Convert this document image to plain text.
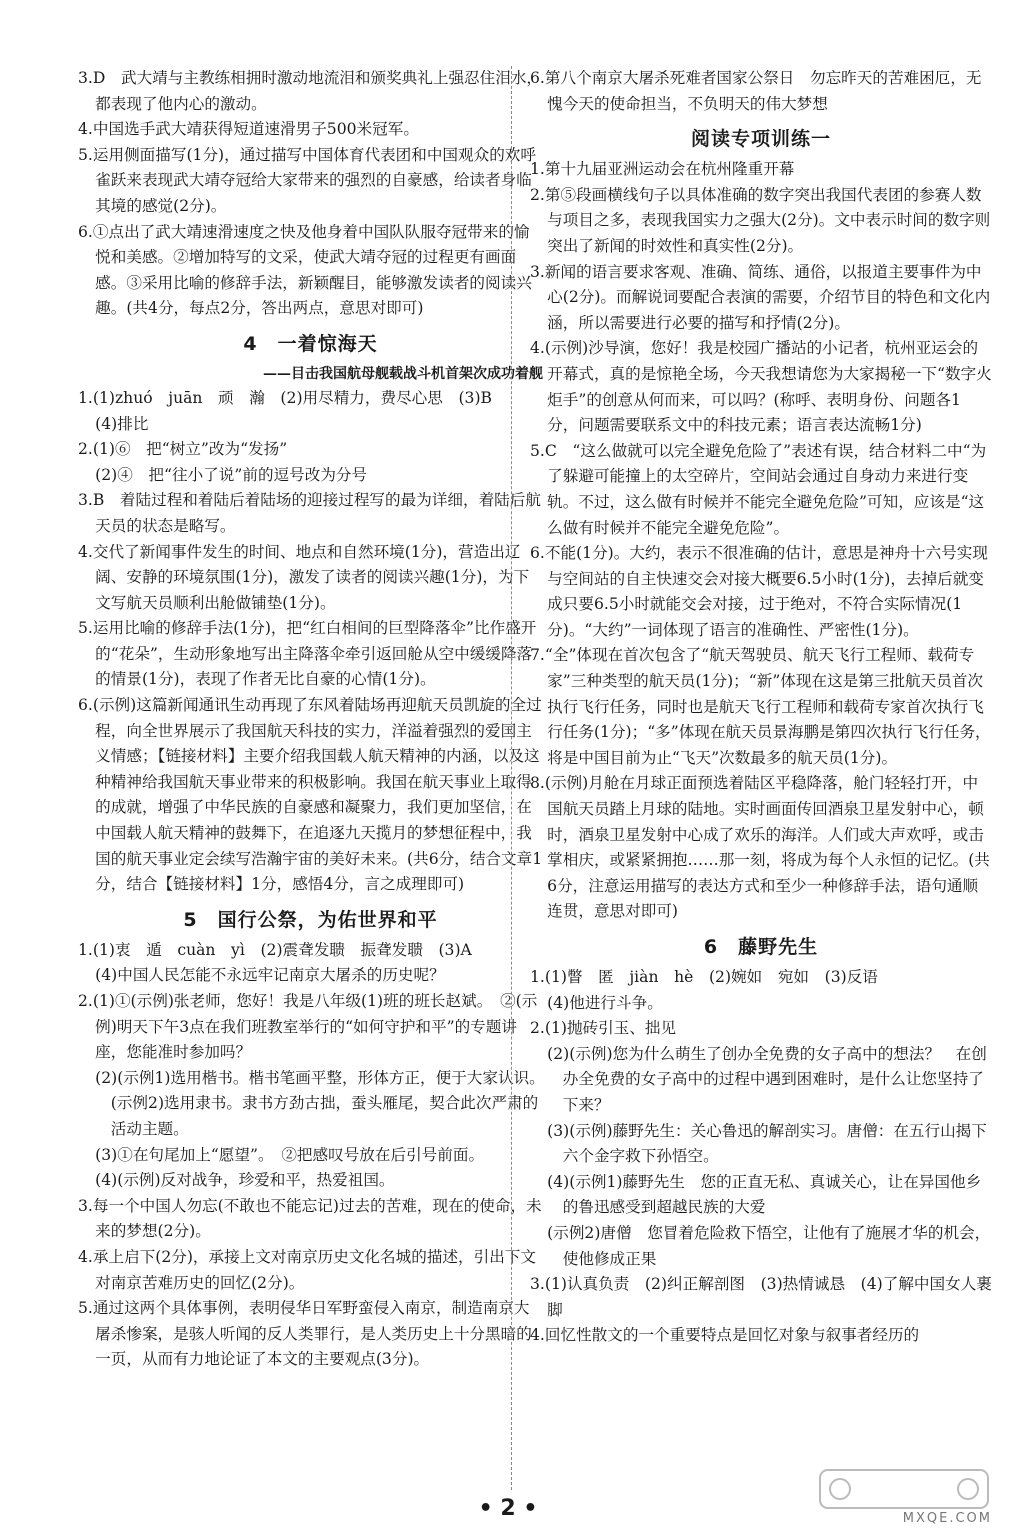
3.D　武大靖与主教练相拥时激动地流泪和颁奖典礼上强忍住泪水，都表现了他内心的激动。

4.中国选手武大靖获得短道速滑男子500米冠军。

5.运用侧面描写(1分)，通过描写中国体育代表团和中国观众的欢呼雀跃来表现武大靖夺冠给大家带来的强烈的自豪感，给读者身临其境的感觉(2分)。

6.①点出了武大靖速滑速度之快及他身着中国队队服夺冠带来的愉悦和美感。②增加特写的文采，使武大靖夺冠的过程更有画面感。③采用比喻的修辞手法，新颖醒目，能够激发读者的阅读兴趣。(共4分，每点2分，答出两点，意思对即可)

4　一着惊海天

——目击我国航母舰载战斗机首架次成功着舰

1.(1)zhuó　juān　顽　瀚　(2)用尽精力，费尽心思　(3)B

(4)排比

2.(1)⑥　把“树立”改为“发扬”

(2)④　把“往小了说”前的逗号改为分号

3.B　着陆过程和着陆后着陆场的迎接过程写的最为详细，着陆后航天员的状态是略写。

4.交代了新闻事件发生的时间、地点和自然环境(1分)，营造出辽阔、安静的环境氛围(1分)，激发了读者的阅读兴趣(1分)，为下文写航天员顺利出舱做铺垫(1分)。

5.运用比喻的修辞手法(1分)，把“红白相间的巨型降落伞”比作盛开的“花朵”，生动形象地写出主降落伞牵引返回舱从空中缓缓降落的情景(1分)，表现了作者无比自豪的心情(1分)。

6.(示例)这篇新闻通讯生动再现了东风着陆场再迎航天员凯旋的全过程，向全世界展示了我国航天科技的实力，洋溢着强烈的爱国主义情感；【链接材料】主要介绍我国载人航天精神的内涵，以及这种精神给我国航天事业带来的积极影响。我国在航天事业上取得的成就，增强了中华民族的自豪感和凝聚力，我们更加坚信，在中国载人航天精神的鼓舞下，在追逐九天揽月的梦想征程中，我国的航天事业定会续写浩瀚宇宙的美好未来。(共6分，结合文章1分，结合【链接材料】1分，感悟4分，言之成理即可)

5　国行公祭，为佑世界和平

1.(1)衷　遁　cuàn　yì　(2)震聋发聩　振聋发聩　(3)A

(4)中国人民怎能不永远牢记南京大屠杀的历史呢？

2.(1)①(示例)张老师，您好！我是八年级(1)班的班长赵斌。　②(示例)明天下午3点在我们班教室举行的“如何守护和平”的专题讲座，您能准时参加吗？

(2)(示例1)选用楷书。楷书笔画平整，形体方正，便于大家认识。　(示例2)选用隶书。隶书方劲古拙，蚕头雁尾，契合此次严肃的活动主题。

(3)①在句尾加上“愿望”。　②把感叹号放在后引号前面。

(4)(示例)反对战争，珍爱和平，热爱祖国。

3.每一个中国人勿忘(不敢也不能忘记)过去的苦难，现在的使命，未来的梦想(2分)。

4.承上启下(2分)，承接上文对南京历史文化名城的描述，引出下文对南京苦难历史的回忆(2分)。

5.通过这两个具体事例，表明侵华日军野蛮侵入南京，制造南京大屠杀惨案，是骇人听闻的反人类罪行，是人类历史上十分黑暗的一页，从而有力地论证了本文的主要观点(3分)。

6.第八个南京大屠杀死难者国家公祭日　勿忘昨天的苦难困厄，无愧今天的使命担当，不负明天的伟大梦想

阅读专项训练一

1.第十九届亚洲运动会在杭州隆重开幕

2.第⑤段画横线句子以具体准确的数字突出我国代表团的参赛人数与项目之多，表现我国实力之强大(2分)。文中表示时间的数字则突出了新闻的时效性和真实性(2分)。

3.新闻的语言要求客观、准确、简练、通俗，以报道主要事件为中心(2分)。而解说词要配合表演的需要，介绍节目的特色和文化内涵，所以需要进行必要的描写和抒情(2分)。

4.(示例)沙导演，您好！我是校园广播站的小记者，杭州亚运会的开幕式，真的是惊艳全场，今天我想请您为大家揭秘一下“数字火炬手”的创意从何而来，可以吗？(称呼、表明身份、问题各1分，问题需要联系文中的科技元素；语言表达流畅1分)

5.C　“这么做就可以完全避免危险了”表述有误，结合材料二中“为了躲避可能撞上的太空碎片，空间站会通过自身动力来进行变轨。不过，这么做有时候并不能完全避免危险”可知，应该是“这么做有时候并不能完全避免危险”。

6.不能(1分)。大约，表示不很准确的估计，意思是神舟十六号实现与空间站的自主快速交会对接大概要6.5小时(1分)，去掉后就变成只要6.5小时就能交会对接，过于绝对，不符合实际情况(1分)。“大约”一词体现了语言的准确性、严密性(1分)。

7.“全”体现在首次包含了“航天驾驶员、航天飞行工程师、载荷专家”三种类型的航天员(1分)；“新”体现在这是第三批航天员首次执行飞行任务，同时也是航天飞行工程师和载荷专家首次执行飞行任务(1分)；“多”体现在航天员景海鹏是第四次执行飞行任务，将是中国目前为止“飞天”次数最多的航天员(1分)。

8.(示例)月舱在月球正面预选着陆区平稳降落，舱门轻轻打开，中国航天员踏上月球的陆地。实时画面传回酒泉卫星发射中心，顿时，酒泉卫星发射中心成了欢乐的海洋。人们或大声欢呼，或击掌相庆，或紧紧拥抱……那一刻，将成为每个人永恒的记忆。(共6分，注意运用描写的表达方式和至少一种修辞手法，语句通顺连贯，意思对即可)

6　藤野先生

1.(1)瞥　匿　jiàn　hè　(2)婉如　宛如　(3)反语

(4)他进行斗争。

2.(1)抛砖引玉、拙见

(2)(示例)您为什么萌生了创办全免费的女子高中的想法？　在创办全免费的女子高中的过程中遇到困难时，是什么让您坚持了下来？

(3)(示例)藤野先生：关心鲁迅的解剖实习。唐僧：在五行山揭下六个金字救下孙悟空。

(4)(示例1)藤野先生　您的正直无私、真诚关心，让在异国他乡的鲁迅感受到超越民族的大爱

(示例2)唐僧　您冒着危险救下悟空，让他有了施展才华的机会，使他修成正果

3.(1)认真负责　(2)纠正解剖图　(3)热情诚恳　(4)了解中国女人裹脚

4.回忆性散文的一个重要特点是回忆对象与叙事者经历的

• 2 •	MXQE.COM
